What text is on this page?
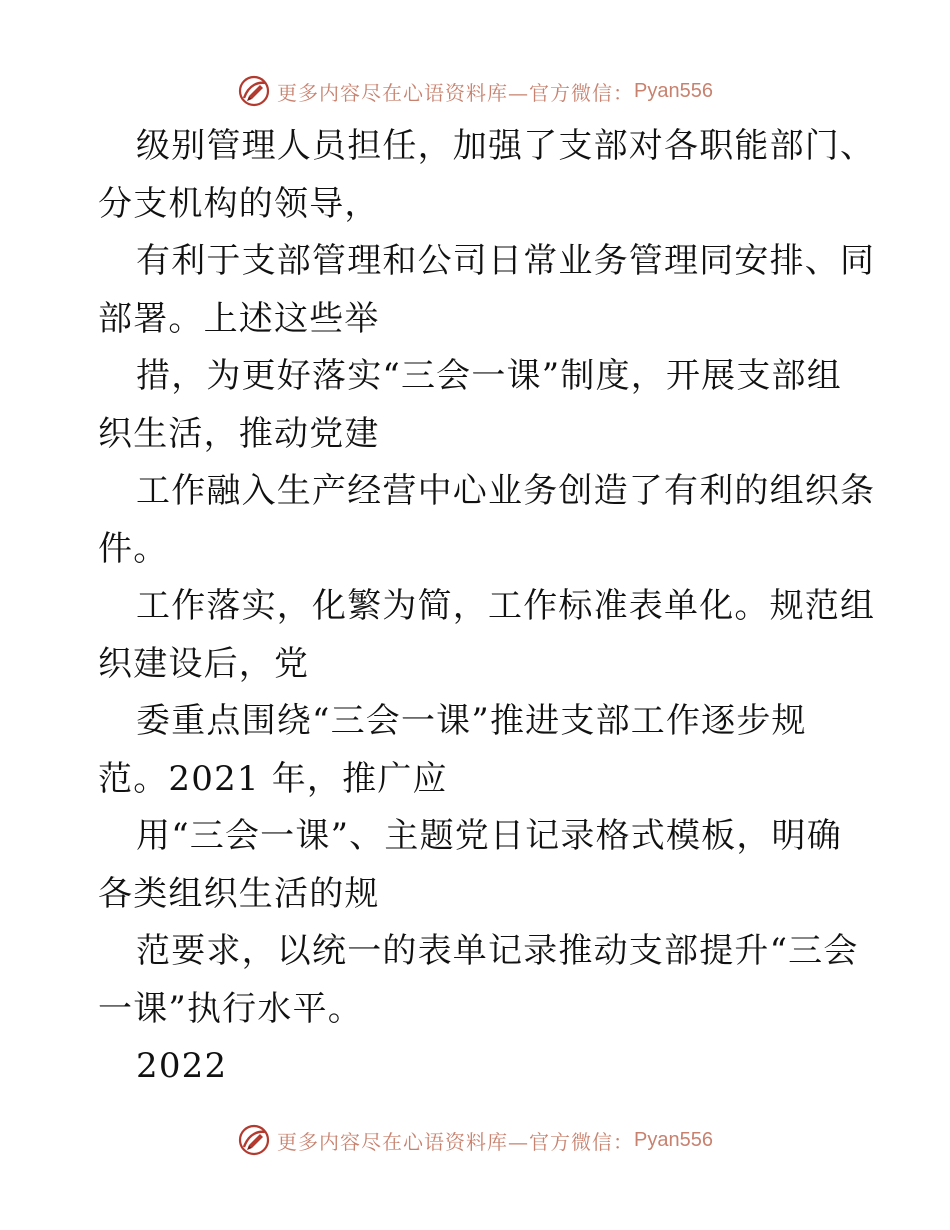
更多内容尽在心语资料库—官方微信： Pyan556
级别管理人员担任，加强了支部对各职能部门、
分支机构的领导，
有利于支部管理和公司日常业务管理同安排、同
部署。上述这些举
措，为更好落实“三会一课”制度，开展支部组
织生活，推动党建
工作融入生产经营中心业务创造了有利的组织条
件。
工作落实，化繁为简，工作标准表单化。规范组
织建设后，党
委重点围绕“三会一课”推进支部工作逐步规
范。2021 年，推广应
用“三会一课”、主题党日记录格式模板，明确
各类组织生活的规
范要求，以统一的表单记录推动支部提升“三会
一课”执行水平。
2022
更多内容尽在心语资料库—官方微信： Pyan556
